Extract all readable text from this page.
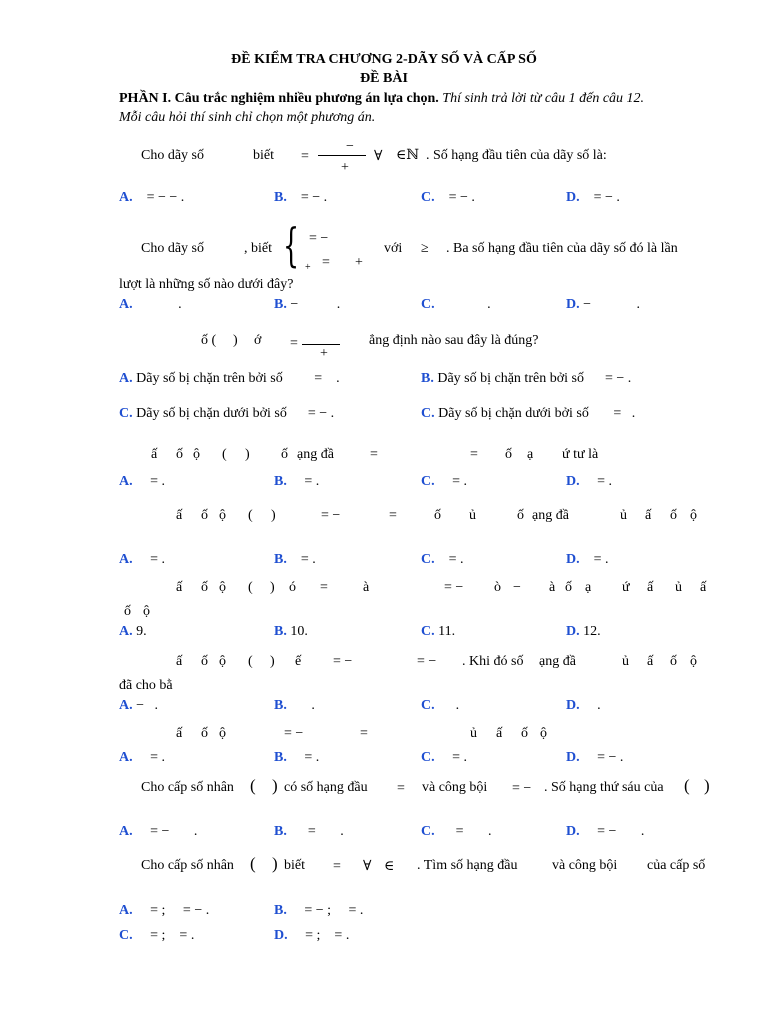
ĐỀ KIỂM TRA CHƯƠNG 2-DÃY SỐ VÀ CẤP SỐ
ĐỀ BÀI
PHẦN I. Câu trắc nghiệm nhiều phương án lựa chọn. Thí sinh trả lời từ câu 1 đến câu 12.
Mỗi câu hỏi thí sinh chỉ chọn một phương án.
Cho dãy số	biết =
−
+
∀ ∈ℕ . Số hạng đầu tiên của dãy số là:
A. = − − .	B. = − .	C. = − .	D. = − .
Cho dãy số	, biết { = −
+ = +
với ≥ . Ba số hạng đầu tiên của dãy số đó là lần
lượt là những số nào dưới đây?
A.	.	B. −	.	C.	.	D. −	.
ố ( ) ớ =
+
ẳng định nào sau đây là đúng?
A. Dãy số bị chặn trên bởi số = .	B. Dãy số bị chặn trên bởi số = − .
C. Dãy số bị chặn dưới bởi số = − .	C. Dãy số bị chặn dưới bởi số = .
ấ ố ộ ( ) ố ạng đầ	=	= ố ạ ứ tư là
A. = .	B. = .	C. = .	D. = .
ấ ố ộ ( )	= −	=	ố ủ	ố ạng đầ	ủ ấ ố ộ
A. = .	B. = .	C. = .	D. = .
ấ ố ộ ( ) ó =	à	= − ò − à ố ạ ứ ấ ủ ấ
ố ộ
A. 9.	B. 10.	C. 11.	D. 12.
ấ ố ộ ( ) ế = −	= − . Khi đó số ạng đầ	ủ ấ ố ộ
đã cho bằ
A. − .	B. .	C. .	D. .
ấ ố ộ	= −	=	ủ ấ ố ộ
A. = .	B. = .	C. = .	D. = − .
Cho cấp số nhân ( ) có số hạng đầu = và công bội = − . Số hạng thứ sáu của ( )
A. = − .	B. = .	C. = .	D. = − .
Cho cấp số nhân ( ) biết = ∀ ∈ . Tìm số hạng đầu và công bội của cấp số
A. = ; = − .	B. = − ; = .
C. = ; = .	D. = ; = .
